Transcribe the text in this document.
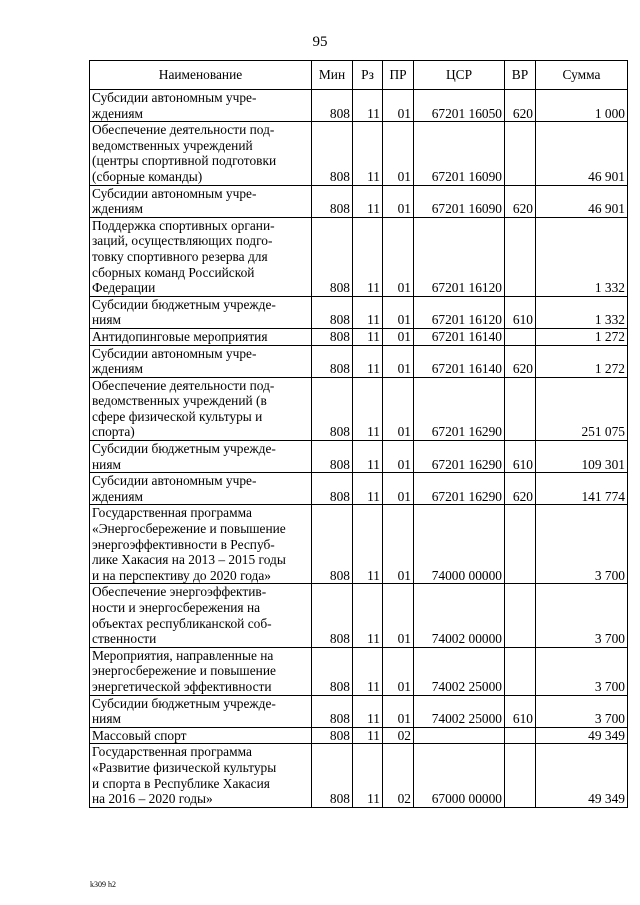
95
Наименование	Мин	Рз	ПР	ЦСР	ВР	Сумма
Субсидии автономным учре-
ждениям	808	11	01	67201 16050	620	1 000
Обеспечение деятельности под-
ведомственных учреждений
(центры спортивной подготовки
(сборные команды)	808	11	01	67201 16090		46 901
Субсидии автономным учре-
ждениям	808	11	01	67201 16090	620	46 901
Поддержка спортивных органи-
заций, осуществляющих подго-
товку спортивного резерва для
сборных команд Российской
Федерации	808	11	01	67201 16120		1 332
Субсидии бюджетным учрежде-
ниям	808	11	01	67201 16120	610	1 332
Антидопинговые мероприятия	808	11	01	67201 16140		1 272
Субсидии автономным учре-
ждениям	808	11	01	67201 16140	620	1 272
Обеспечение деятельности под-
ведомственных учреждений (в
сфере физической культуры и
спорта)	808	11	01	67201 16290		251 075
Субсидии бюджетным учрежде-
ниям	808	11	01	67201 16290	610	109 301
Субсидии автономным учре-
ждениям	808	11	01	67201 16290	620	141 774
Государственная программа
«Энергосбережение и повышение
энергоэффективности в Респуб-
лике Хакасия на 2013 – 2015 годы
и на перспективу до 2020 года»	808	11	01	74000 00000		3 700
Обеспечение энергоэффектив-
ности и энергосбережения на
объектах республиканской соб-
ственности	808	11	01	74002 00000		3 700
Мероприятия, направленные на
энергосбережение и повышение
энергетической эффективности	808	11	01	74002 25000		3 700
Субсидии бюджетным учрежде-
ниям	808	11	01	74002 25000	610	3 700
Массовый спорт	808	11	02			49 349
Государственная программа
«Развитие физической культуры
и спорта в Республике Хакасия
на 2016 – 2020 годы»	808	11	02	67000 00000		49 349
k309 h2
